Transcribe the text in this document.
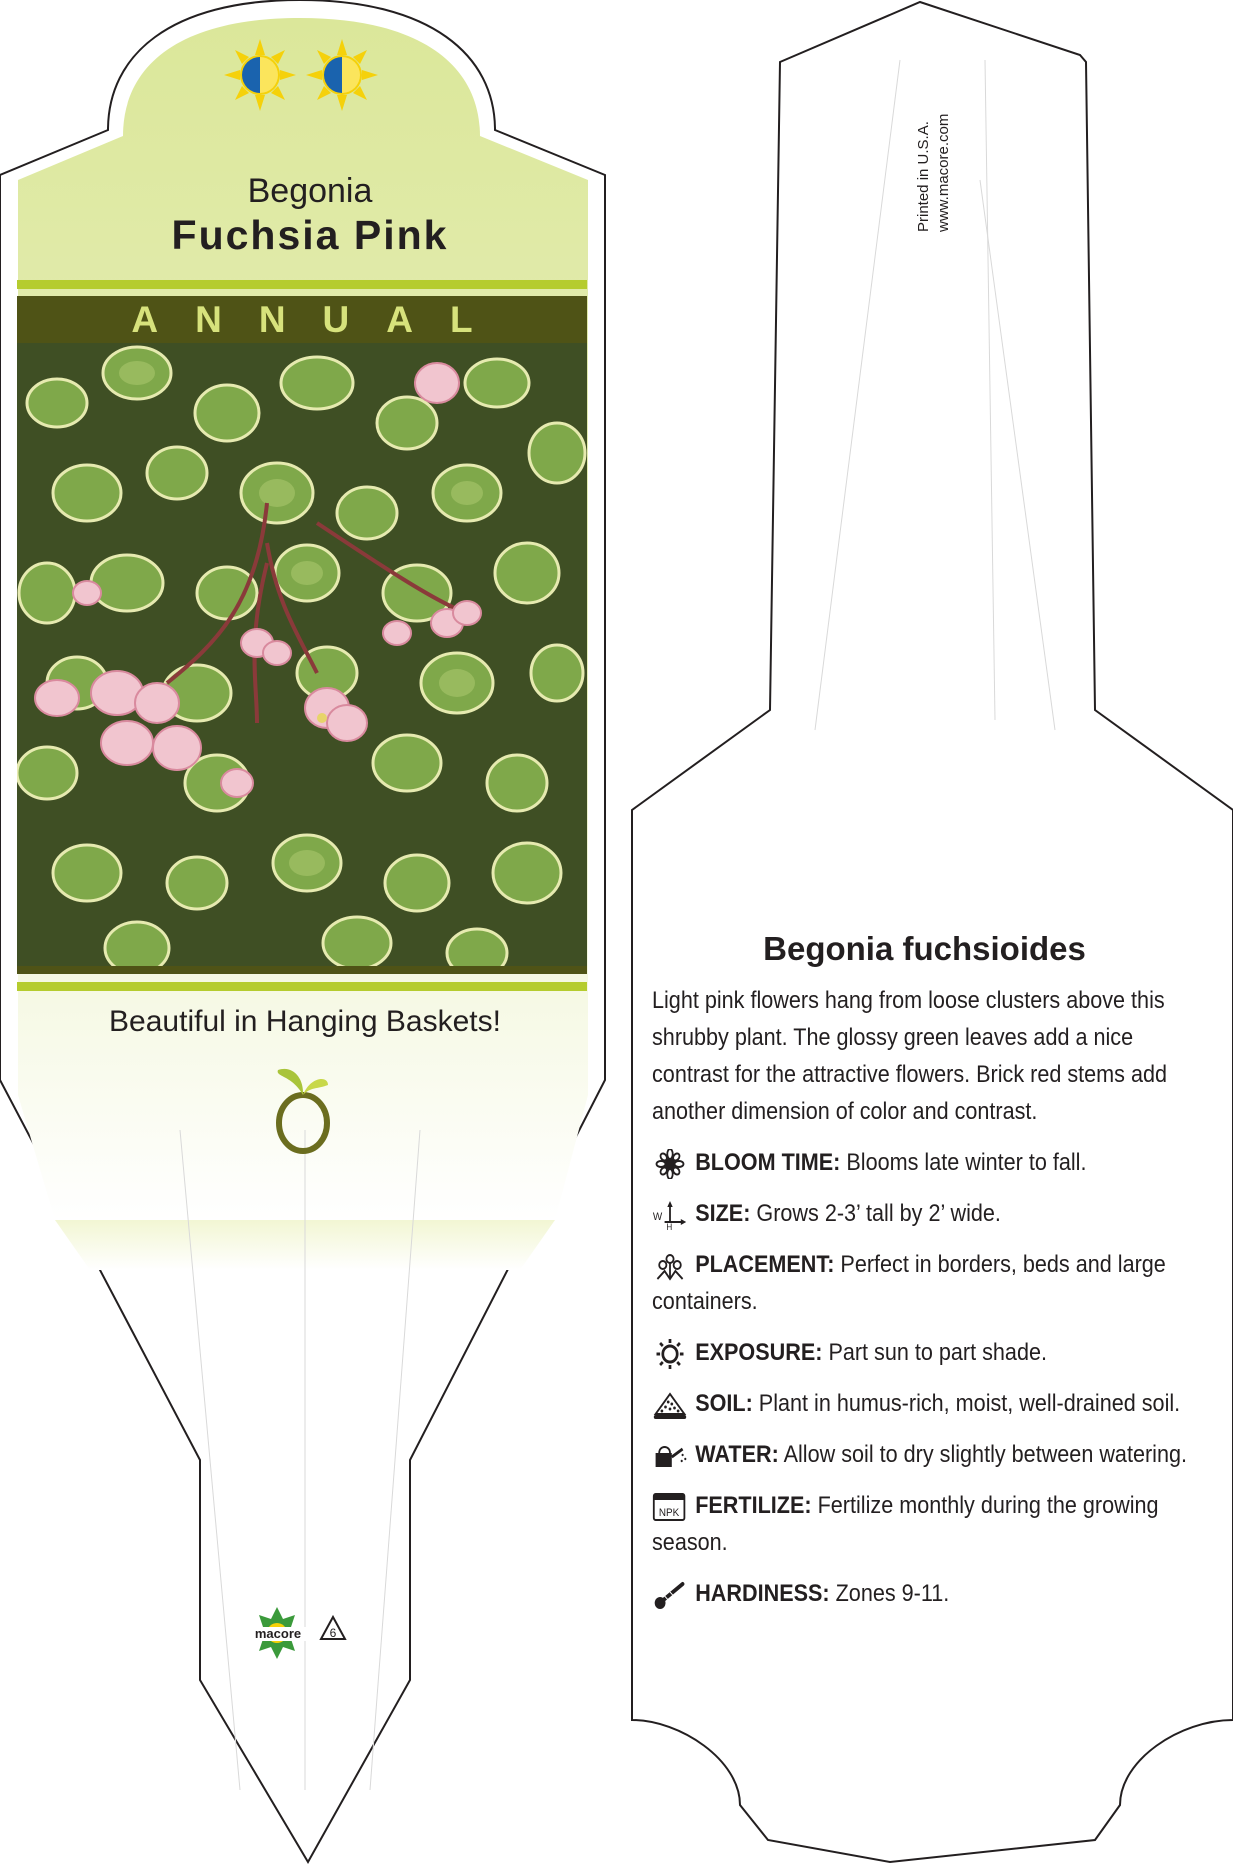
Begonia
Fuchsia Pink
ANNUAL
Beautiful in Hanging Baskets!
macore 6
Printed in U.S.A. www.macore.com
Begonia fuchsioides
Light pink flowers hang from loose clusters above this shrubby plant. The glossy green leaves add a nice contrast for the attractive flowers. Brick red stems add another dimension of color and contrast.
BLOOM TIME: Blooms late winter to fall.
W
H SIZE: Grows 2-3’ tall by 2’ wide.
PLACEMENT: Perfect in borders, beds and large containers.
EXPOSURE: Part sun to part shade.
SOIL: Plant in humus-rich, moist, well-drained soil.
WATER: Allow soil to dry slightly between watering.
NPK FERTILIZE: Fertilize monthly during the growing season.
HARDINESS: Zones 9-11.
